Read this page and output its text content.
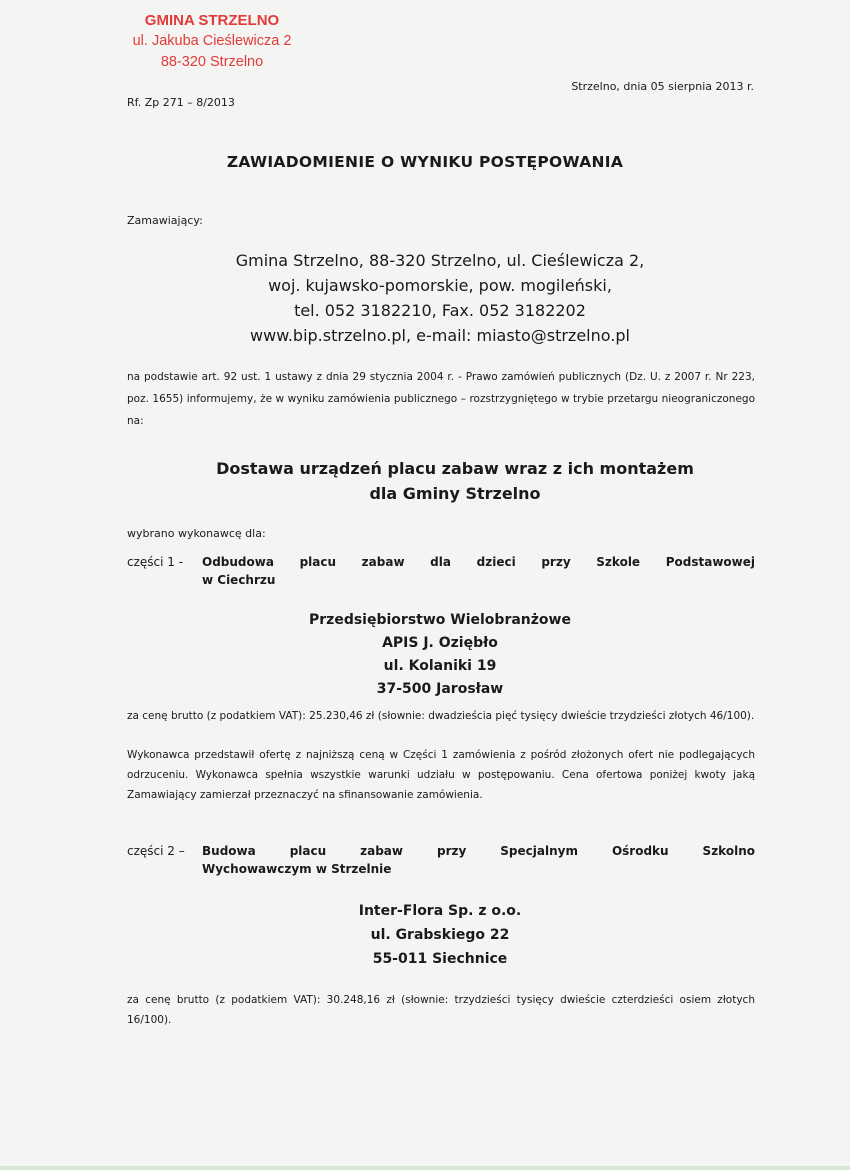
GMINA STRZELNO
ul. Jakuba Cieślewicza 2
88-320 Strzelno
Rf. Zp 271 – 8/2013
Strzelno, dnia 05 sierpnia 2013 r.
ZAWIADOMIENIE O WYNIKU POSTĘPOWANIA
Zamawiający:
Gmina Strzelno, 88-320 Strzelno, ul. Cieślewicza 2,
woj. kujawsko-pomorskie, pow. mogileński,
tel. 052 3182210, Fax. 052 3182202
www.bip.strzelno.pl, e-mail: miasto@strzelno.pl
na podstawie art. 92 ust. 1 ustawy z dnia 29 stycznia 2004 r. - Prawo zamówień publicznych (Dz. U. z 2007 r. Nr 223, poz. 1655) informujemy, że w wyniku zamówienia publicznego – rozstrzygniętego w trybie przetargu nieograniczonego na:
Dostawa urządzeń placu zabaw wraz z ich montażem
dla Gminy Strzelno
wybrano wykonawcę dla:
części 1 - Odbudowa placu zabaw dla dzieci przy Szkole Podstawowej
w Ciechrzu
Przedsiębiorstwo Wielobranżowe
APIS J. Oziębło
ul. Kolaniki 19
37-500 Jarosław
za cenę brutto (z podatkiem VAT): 25.230,46 zł (słownie: dwadzieścia pięć tysięcy dwieście trzydzieści złotych 46/100).
Wykonawca przedstawił ofertę z najniższą ceną w Części 1 zamówienia z pośród złożonych ofert nie podlegających odrzuceniu. Wykonawca spełnia wszystkie warunki udziału w postępowaniu. Cena ofertowa poniżej kwoty jaką Zamawiający zamierzał przeznaczyć na sfinansowanie zamówienia.
części 2 – Budowa placu zabaw przy Specjalnym Ośrodku Szkolno
Wychowawczym w Strzelnie
Inter-Flora Sp. z o.o.
ul. Grabskiego 22
55-011 Siechnice
za cenę brutto (z podatkiem VAT): 30.248,16 zł (słownie: trzydzieści tysięcy dwieście czterdzieści osiem złotych 16/100).
